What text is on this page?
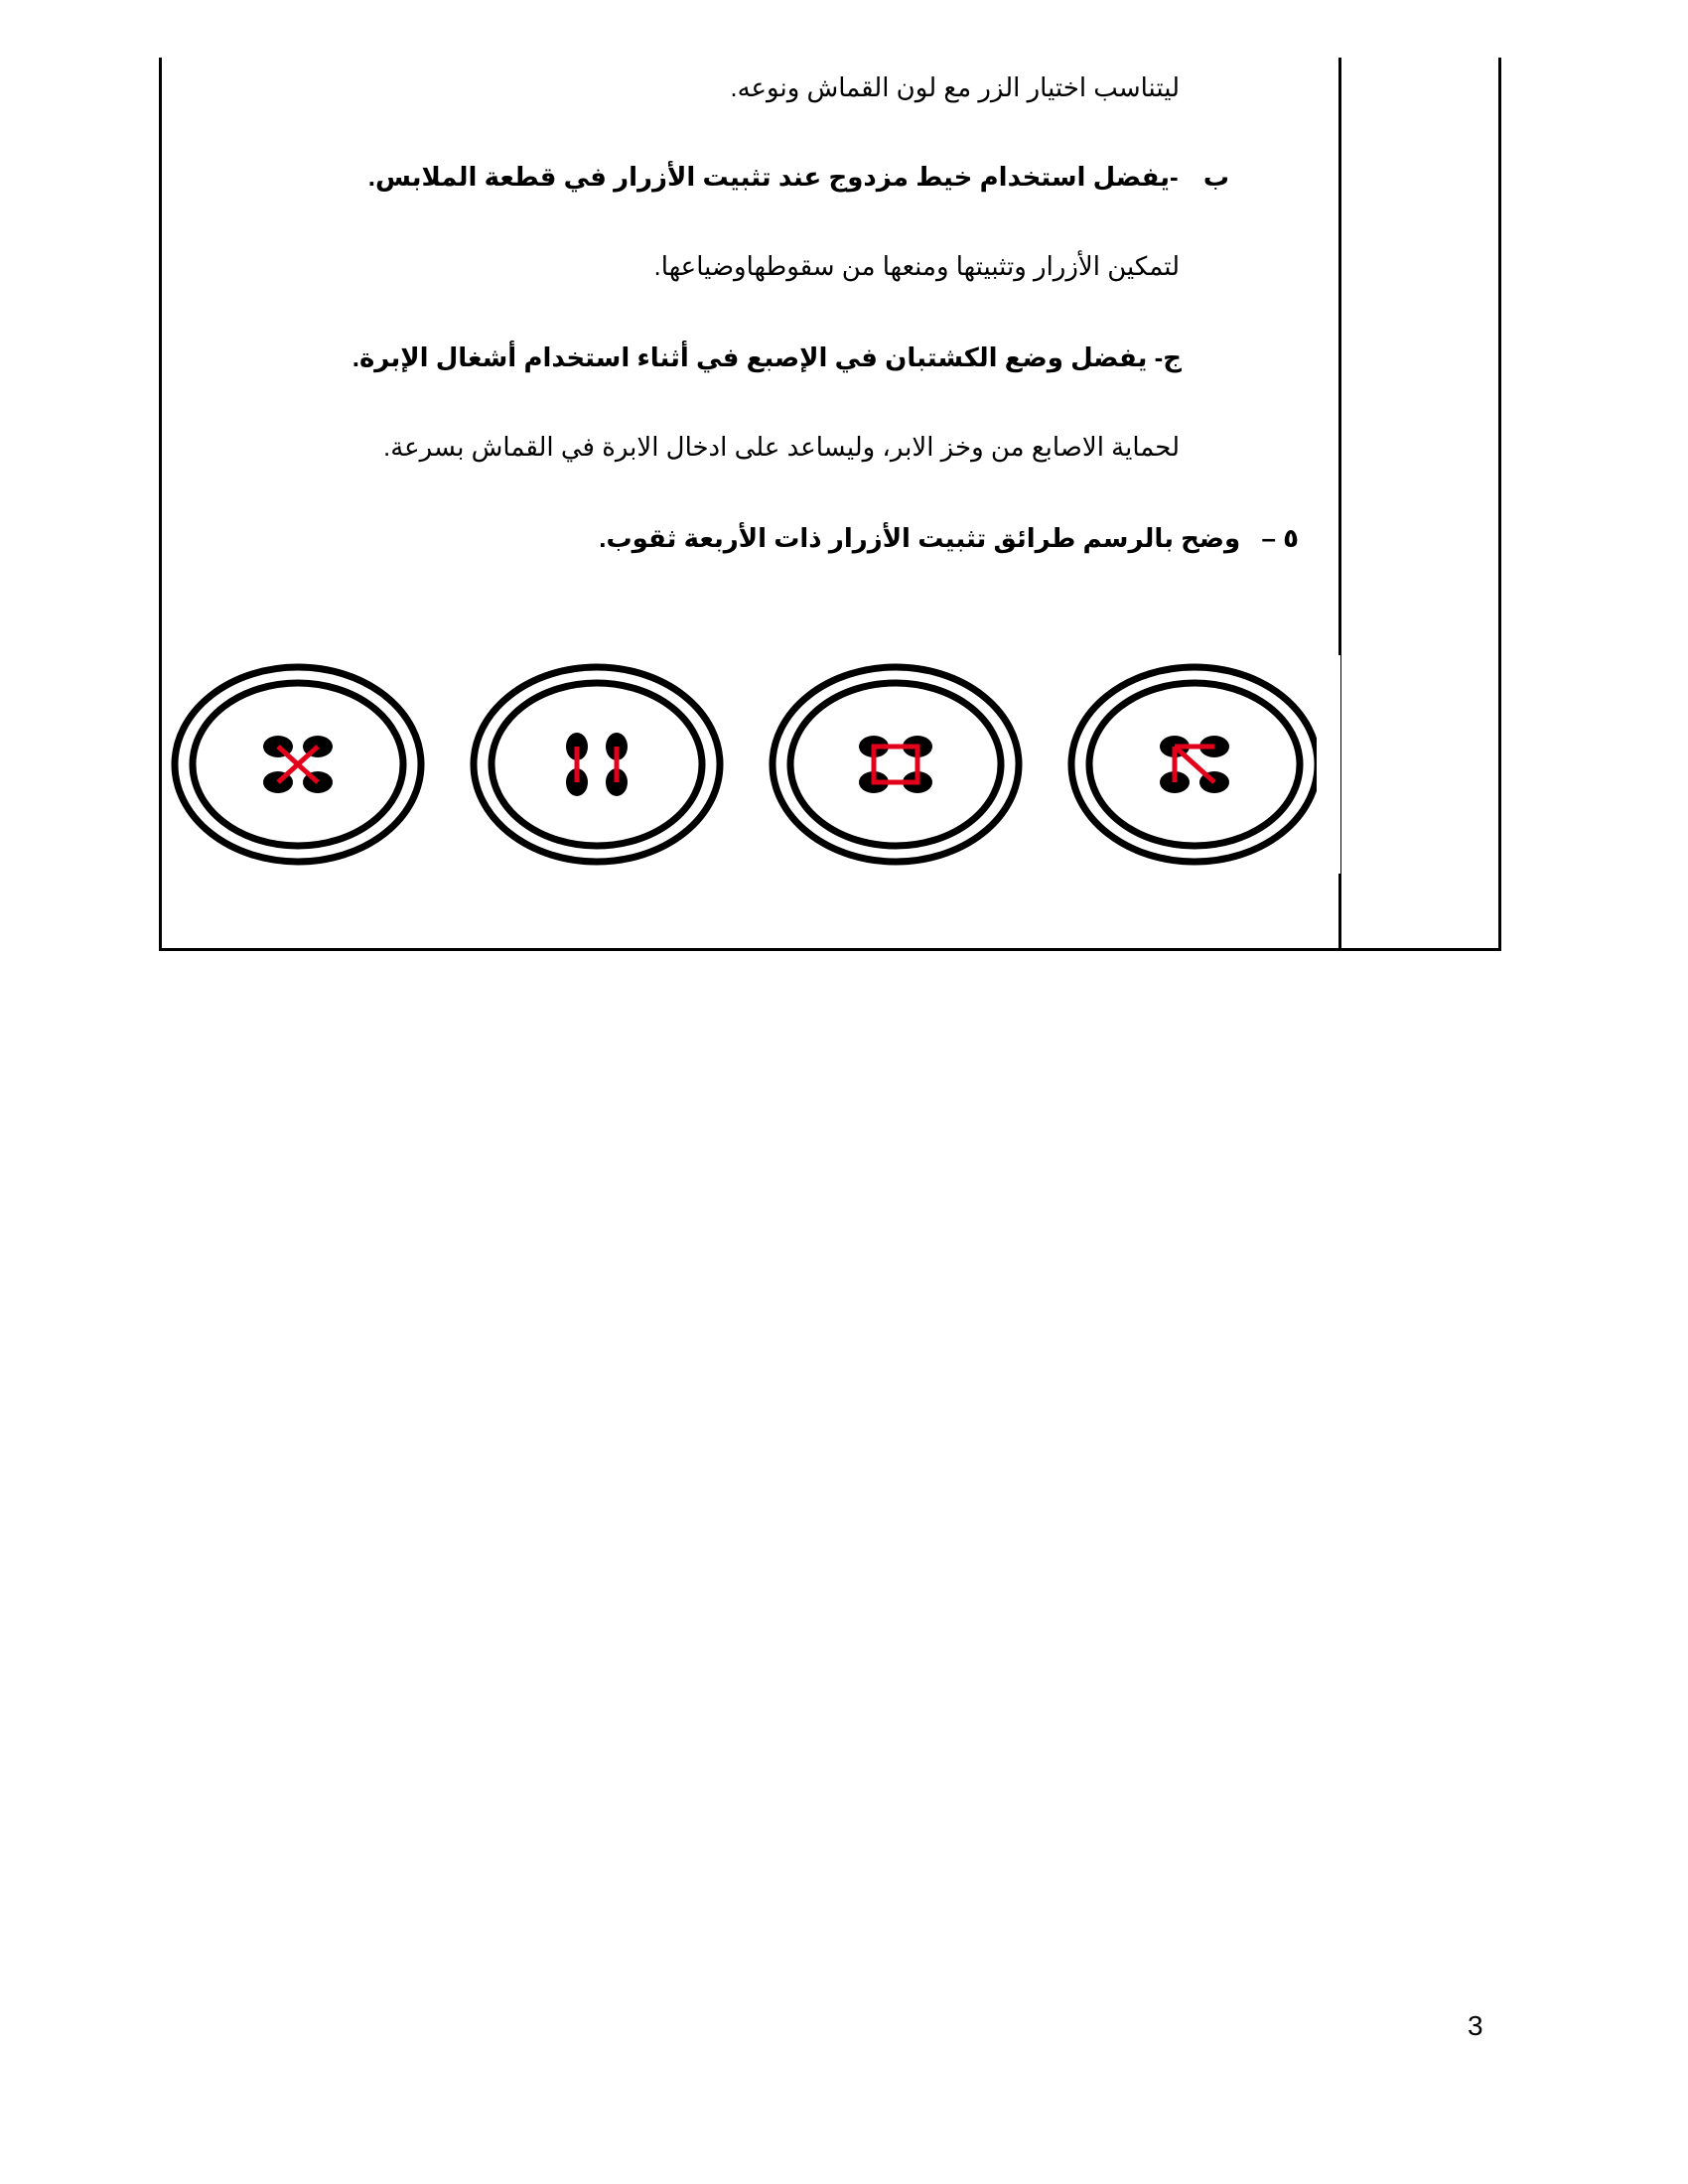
ليتناسب اختيار الزر مع لون القماش ونوعه.
ب -يفضل استخدام خيط مزدوج عند تثبيت الأزرار في قطعة الملابس.
لتمكين الأزرار وتثبيتها ومنعها من سقوطهاوضياعها.
ج- يفضل وضع الكشتبان في الإصبع في أثناء استخدام أشغال الإبرة.
لحماية الاصابع من وخز الابر، وليساعد على ادخال الابرة في القماش بسرعة.
٥ – وضح بالرسم طرائق تثبيت الأزرار ذات الأربعة ثقوب.
3
